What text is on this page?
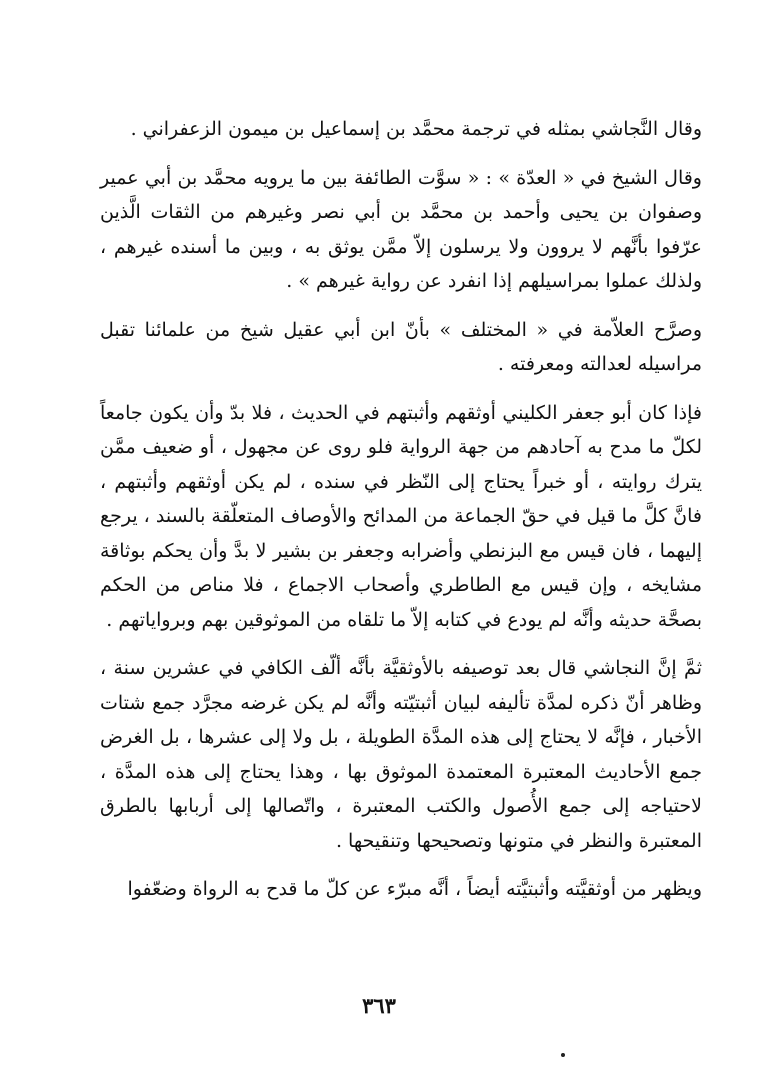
وقال النَّجاشي بمثله في ترجمة محمَّد بن إسماعيل بن ميمون الزعفراني .

وقال الشيخ في « العدّة » : « سوَّت الطائفة بين ما يرويه محمَّد بن أبي عمير وصفوان بن يحيى وأحمد بن محمَّد بن أبي نصر وغيرهم من الثقات الَّذين عرّفوا بأنَّهم لا يروون ولا يرسلون إلاّ ممَّن يوثق به ، وبين ما أسنده غيرهم ، ولذلك عملوا بمراسيلهم إذا انفرد عن رواية غيرهم » .

وصرَّح العلاّمة في « المختلف » بأنّ ابن أبي عقيل شيخ من علمائنا تقبل مراسيله لعدالته ومعرفته .

فإذا كان أبو جعفر الكليني أوثقهم وأثبتهم في الحديث ، فلا بدّ وأن يكون جامعاً لكلّ ما مدح به آحادهم من جهة الرواية فلو روى عن مجهول ، أو ضعيف ممَّن يترك روايته ، أو خبراً يحتاج إلى النّظر في سنده ، لم يكن أوثقهم وأثبتهم ، فانَّ كلَّ ما قيل في حقّ الجماعة من المدائح والأوصاف المتعلّقة بالسند ، يرجع إليهما ، فان قيس مع البزنطي وأضرابه وجعفر بن بشير لا بدَّ وأن يحكم بوثاقة مشايخه ، وإن قيس مع الطاطري وأصحاب الاجماع ، فلا مناص من الحكم بصحَّة حديثه وأنَّه لم يودع في كتابه إلاّ ما تلقاه من الموثوقين بهم وبرواياتهم .

ثمَّ إنَّ النجاشي قال بعد توصيفه بالأوثقيَّة بأنَّه ألّف الكافي في عشرين سنة ، وظاهر أنّ ذكره لمدَّة تأليفه لبيان أثبتيّته وأنَّه لم يكن غرضه مجرَّد جمع شتات الأخبار ، فإنَّه لا يحتاج إلى هذه المدَّة الطويلة ، بل ولا إلى عشرها ، بل الغرض جمع الأحاديث المعتبرة المعتمدة الموثوق بها ، وهذا يحتاج إلى هذه المدَّة ، لاحتياجه إلى جمع الأُصول والكتب المعتبرة ، واتّصالها إلى أربابها بالطرق المعتبرة والنظر في متونها وتصحيحها وتنقيحها .

ويظهر من أوثقيَّته وأثبتيَّته أيضاً ، أنَّه مبرّء عن كلّ ما قدح به الرواة وضعّفوا

٣٦٣
